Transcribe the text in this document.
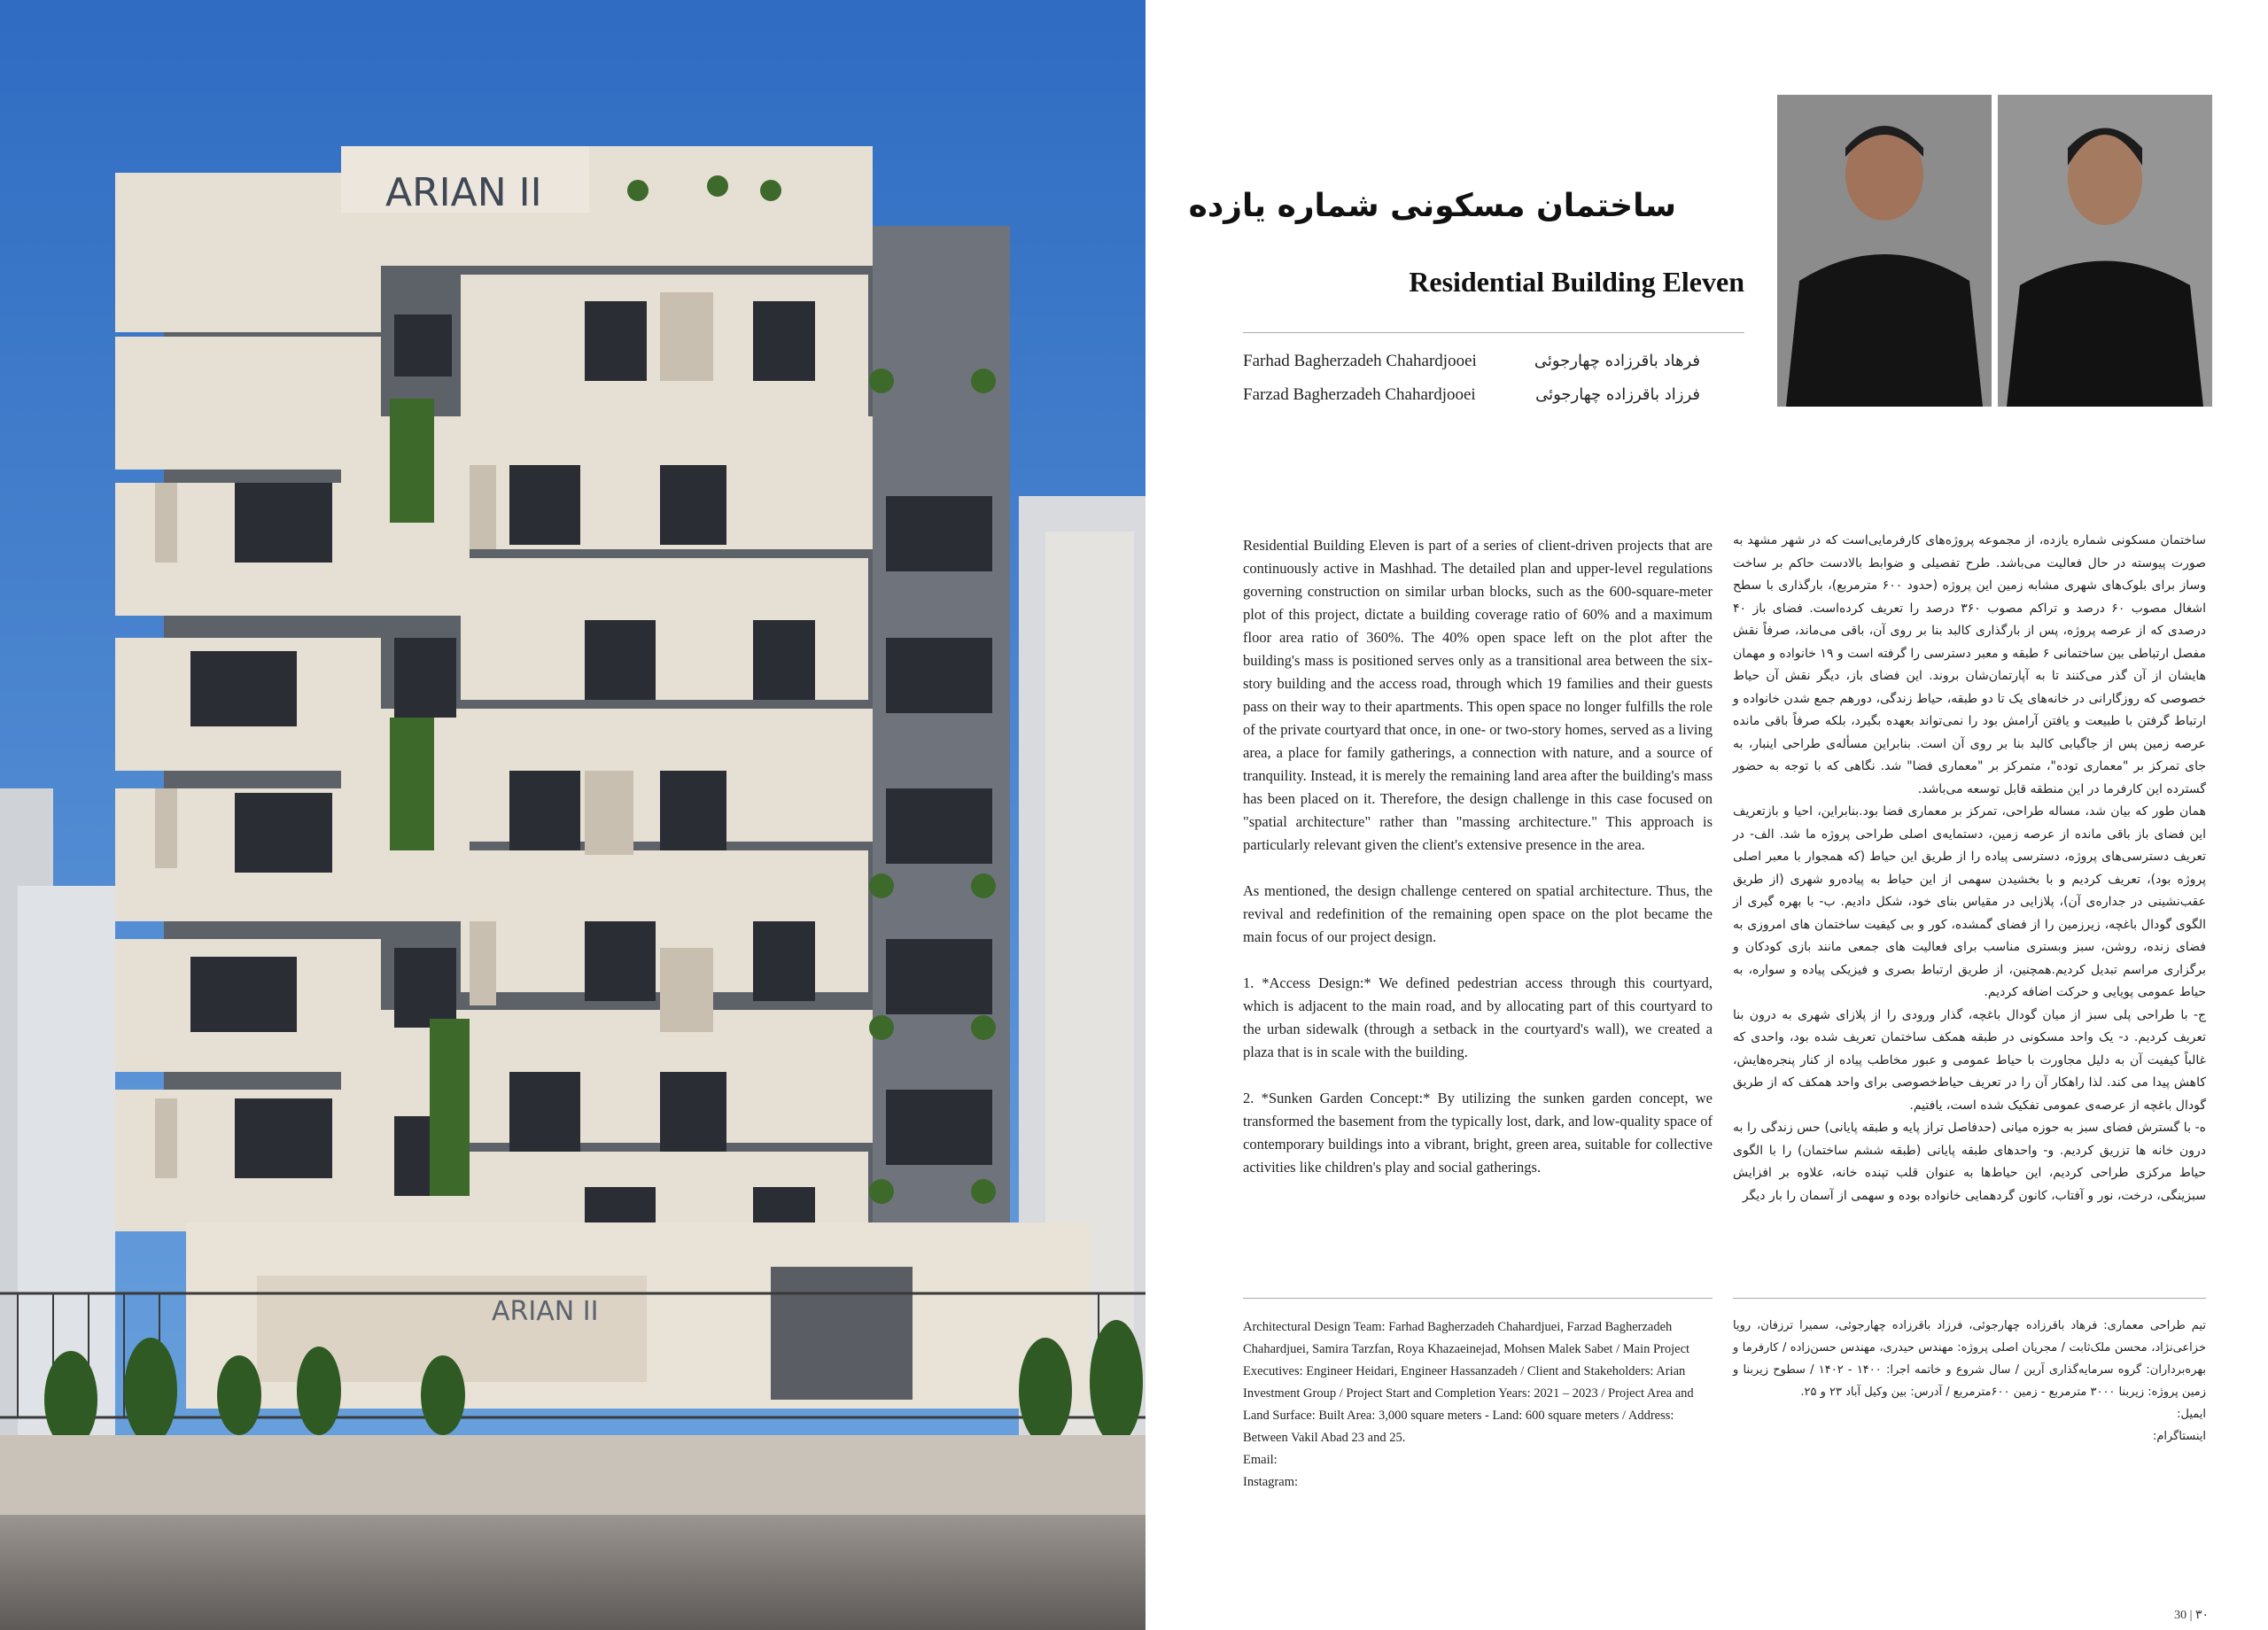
ARIAN II
ARIAN II
ساختمان مسکونی شماره یازده
Residential Building Eleven
Farhad Bagherzadeh Chahardjooei	فرهاد باقرزاده چهارجوئی
Farzad Bagherzadeh Chahardjooei	فرزاد باقرزاده چهارجوئی

Residential Building Eleven is part of a series of client-driven projects that are continuously active in Mashhad. The detailed plan and upper-level regulations governing construction on similar urban blocks, such as the 600-square-meter plot of this project, dictate a building coverage ratio of 60% and a maximum floor area ratio of 360%. The 40% open space left on the plot after the building's mass is positioned serves only as a transitional area between the six-story building and the access road, through which 19 families and their guests pass on their way to their apartments. This open space no longer fulfills the role of the private courtyard that once, in one- or two-story homes, served as a living area, a place for family gatherings, a connection with nature, and a source of tranquility. Instead, it is merely the remaining land area after the building's mass has been placed on it. Therefore, the design challenge in this case focused on "spatial architecture" rather than "massing architecture." This approach is particularly relevant given the client's extensive presence in the area.

As mentioned, the design challenge centered on spatial architecture. Thus, the revival and redefinition of the remaining open space on the plot became the main focus of our project design.

1. *Access Design:* We defined pedestrian access through this courtyard, which is adjacent to the main road, and by allocating part of this courtyard to the urban sidewalk (through a setback in the courtyard's wall), we created a plaza that is in scale with the building.

2. *Sunken Garden Concept:* By utilizing the sunken garden concept, we transformed the basement from the typically lost, dark, and low-quality space of contemporary buildings into a vibrant, bright, green area, suitable for collective activities like children's play and social gatherings.

ساختمان مسکونی شماره یازده، از مجموعه پروژه‌های کارفرمایی‌است که در شهر مشهد به صورت پیوسته در حال فعالیت می‌باشد. طرح تفصیلی و ضوابط بالادست حاکم بر ساخت وساز برای بلوک‌های شهری مشابه زمین این پروژه (حدود ۶۰۰ مترمربع)، بارگذاری با سطح اشغال مصوب ۶۰ درصد و تراکم مصوب ۳۶۰ درصد را تعریف کرده‌است. فضای باز ۴۰ درصدی که از عرصه پروژه، پس از بارگذاری کالبد بنا بر روی آن، باقی می‌ماند، صرفاً نقش مفصل ارتباطی بین ساختمانی ۶ طبقه و معبر دسترسی را گرفته است و ۱۹ خانواده و مهمان هایشان از آن گذر می‌کنند تا به آپارتمان‌شان بروند. این فضای باز، دیگر نقش آن حیاط خصوصی که روزگارانی در خانه‌های یک تا دو طبقه، حیاط زندگی، دورهم جمع شدن خانواده و ارتباط گرفتن با طبیعت و یافتن آرامش بود را نمی‌تواند بعهده بگیرد، بلکه صرفاً باقی مانده عرصه زمین پس از جاگیابی کالبد بنا بر روی آن است. بنابراین مسأله‌ی طراحی اینبار، به جای تمرکز بر "معماری توده"، متمرکز بر "معماری فضا" شد. نگاهی که با توجه به حضور گسترده این کارفرما در این منطقه قابل توسعه می‌باشد.

همان طور که بیان شد، مساله طراحی، تمرکز بر معماری فضا بود.بنابراین، احیا و بازتعریف این فضای باز باقی مانده از عرصه زمین، دستمایه‌ی اصلی طراحی پروژه ما شد. الف- در تعریف دسترسی‌های پروژه، دسترسی پیاده را از طریق این حیاط (که همجوار با معبر اصلی پروژه بود)، تعریف کردیم و با بخشیدن سهمی از این حیاط به پیاده‌رو شهری (از طریق عقب‌نشینی در جداره‌ی آن)، پلازایی در مقیاس بنای خود، شکل دادیم. ب- با بهره گیری از الگوی گودال باغچه، زیرزمین را از فضای گمشده، کور و بی کیفیت ساختمان های امروزی به فضای زنده، روشن، سبز وبستری مناسب برای فعالیت های جمعی مانند بازی کودکان و برگزاری مراسم تبدیل کردیم.همچنین، از طریق ارتباط بصری و فیزیکی پیاده و سواره، به حیاط عمومی پویایی و حرکت اضافه کردیم.

ج- با طراحی پلی سبز از میان گودال باغچه، گذار ورودی را از پلازای شهری به درون بنا تعریف کردیم. د- یک واحد مسکونی در طبقه همکف ساختمان تعریف شده بود، واحدی که غالباً کیفیت آن به دلیل مجاورت با حیاط عمومی و عبور مخاطب پیاده از کنار پنجره‌هایش، کاهش پیدا می کند. لذا راهکار آن را در تعریف حیاط‌خصوصی برای واحد همکف که از طریق گودال باغچه از عرصه‌ی عمومی تفکیک شده است، یافتیم.

ه- با گسترش فضای سبز به حوزه میانی (حدفاصل تراز پایه و طبقه پایانی) حس زندگی را به درون خانه ها تزریق کردیم. و- واحدهای طبقه پایانی (طبقه ششم ساختمان) را با الگوی حیاط مرکزی طراحی کردیم، این حیاط‌ها به عنوان قلب تپنده خانه، علاوه بر افزایش سبزینگی، درخت، نور و آفتاب، کانون گردهمایی خانواده بوده و سهمی از آسمان را بار دیگر

Architectural Design Team: Farhad Bagherzadeh Chahardjuei, Farzad Bagherzadeh Chahardjuei, Samira Tarzfan, Roya Khazaeinejad, Mohsen Malek Sabet / Main Project Executives: Engineer Heidari, Engineer Hassanzadeh / Client and Stakeholders: Arian Investment Group / Project Start and Completion Years: 2021 – 2023 / Project Area and Land Surface: Built Area: 3,000 square meters - Land: 600 square meters / Address: Between Vakil Abad 23 and 25.

Email:

Instagram:

تیم طراحی معماری: فرهاد باقرزاده چهارجوئی، فرزاد باقرزاده چهارجوئی، سمیرا ترزفان، رویا خزاعی‌نژاد، محسن ملک‌ثابت / مجریان اصلی پروژه: مهندس حیدری، مهندس حسن‌زاده / کارفرما و بهره‌برداران: گروه سرمایه‌گذاری آرین / سال شروع و خاتمه اجرا: ۱۴۰۰ - ۱۴۰۲ / سطوح زیربنا و زمین پروژه: زیربنا ۳۰۰۰ مترمربع - زمین ۶۰۰مترمربع / آدرس: بین وکیل آباد ۲۳ و ۲۵.

ایمیل:

اینستاگرام:

30 | ۳۰
